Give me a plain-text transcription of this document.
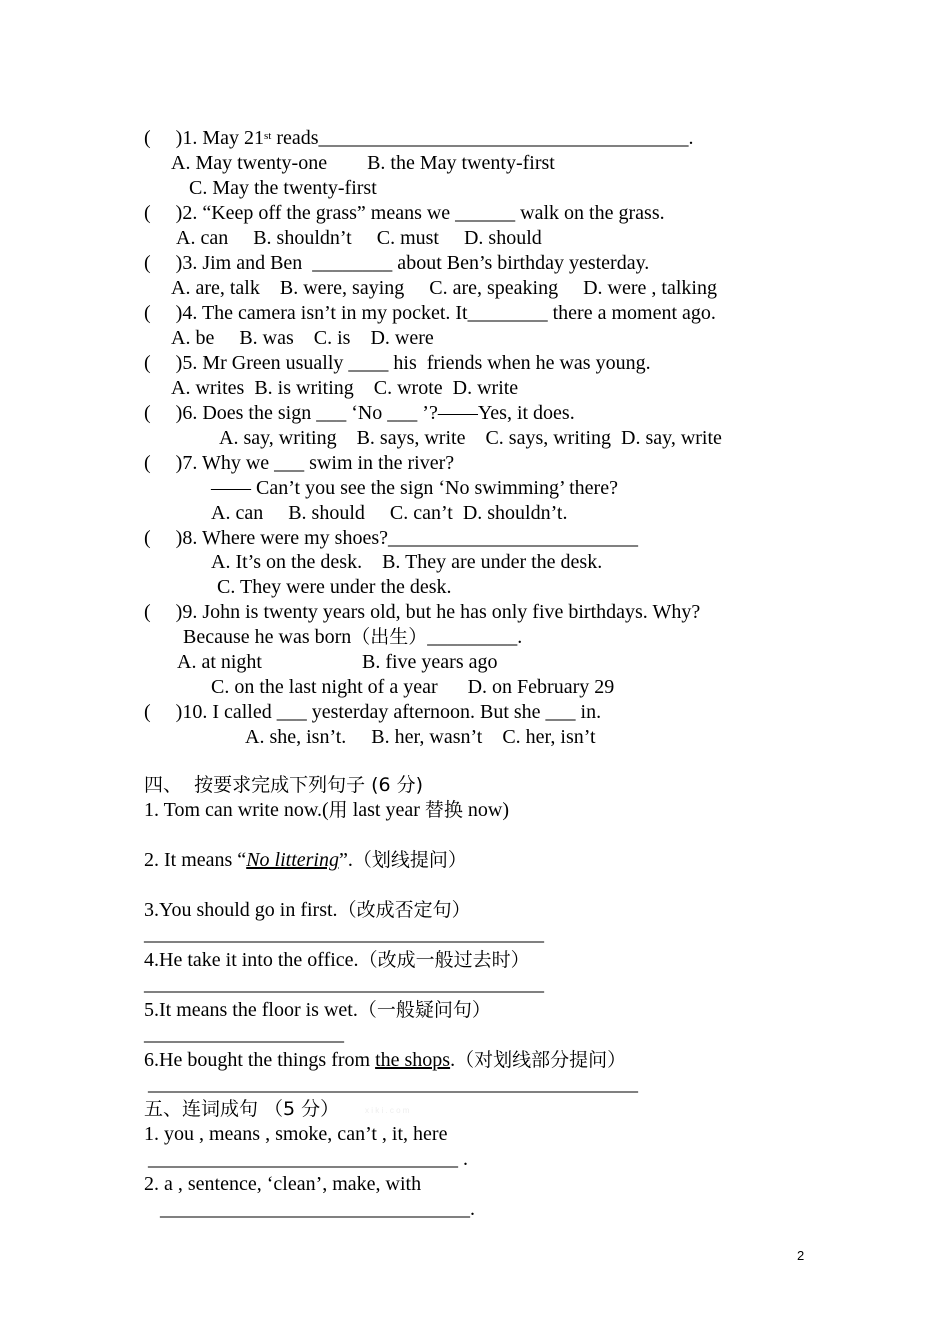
(     )1. May 21st reads_____________________________________.
A. May twenty-one        B. the May twenty-first
C. May the twenty-first
(     )2. “Keep off the grass” means we ______ walk on the grass.
A. can     B. shouldn’t     C. must     D. should
(     )3. Jim and Ben  ________ about Ben’s birthday yesterday.
A. are, talk    B. were, saying     C. are, speaking     D. were , talking
(     )4. The camera isn’t in my pocket. It________ there a moment ago.
A. be     B. was    C. is    D. were
(     )5. Mr Green usually ____ his  friends when he was young.
A. writes  B. is writing    C. wrote  D. write
(     )6. Does the sign ___ ‘No ___ ’?——Yes, it does.
A. say, writing    B. says, write    C. says, writing  D. say, write
(     )7. Why we ___ swim in the river?
—— Can’t you see the sign ‘No swimming’ there?
A. can     B. should     C. can’t  D. shouldn’t.
(     )8. Where were my shoes?_________________________
A. It’s on the desk.    B. They are under the desk.
C. They were under the desk.
(     )9. John is twenty years old, but he has only five birthdays. Why?
Because he was born（出生）_________.
A. at night                    B. five years ago
C. on the last night of a year      D. on February 29
(     )10. I called ___ yesterday afternoon. But she ___ in.
A. she, isn’t.     B. her, wasn’t    C. her, isn’t
四、  按要求完成下列句子 (6 分)
1. Tom can write now.(用 last year 替换 now)
2. It means “No littering”.（划线提问）
3.You should go in first.（改成否定句）
________________________________________
4.He take it into the office.（改成一般过去时）
________________________________________
5.It means the floor is wet.（一般疑问句）
____________________
6.He bought the things from the shops.（对划线部分提问）
_________________________________________________
五、连词成句 （5 分）	x i k i . c o m
1. you , means , smoke, can’t , it, here
_______________________________ .
2. a , sentence, ‘clean’, make, with
_______________________________.
2
